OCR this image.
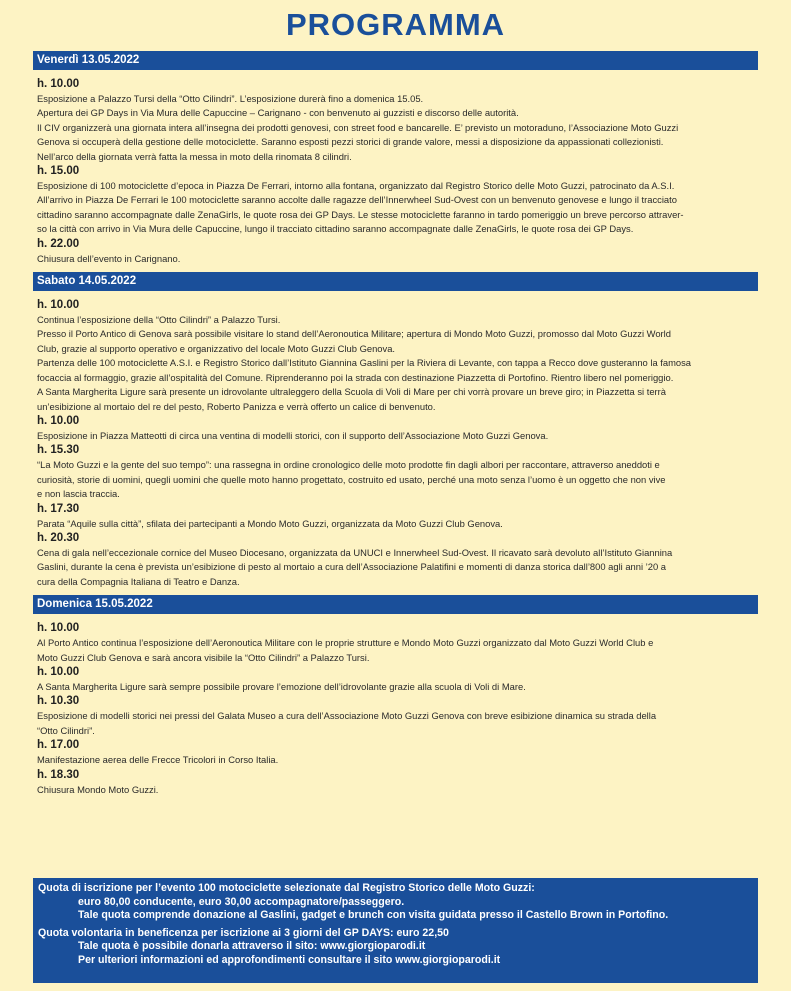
PROGRAMMA
Venerdì 13.05.2022
h. 10.00
Esposizione a Palazzo Tursi della “Otto Cilindri”. L’esposizione durerà fino a domenica 15.05.
Apertura dei GP Days in Via Mura delle Capuccine – Carignano - con benvenuto ai guzzisti e discorso delle autorità.
Il CIV organizzerà una giornata intera all’insegna dei prodotti genovesi, con street food e bancarelle. E’ previsto un motoraduno, l’Associazione Moto Guzzi
Genova si occuperà della gestione delle motociclette. Saranno esposti pezzi storici di grande valore, messi a disposizione da appassionati collezionisti.
Nell’arco della giornata verrà fatta la messa in moto della rinomata 8 cilindri.
h. 15.00
Esposizione di 100 motociclette d’epoca in Piazza De Ferrari, intorno alla fontana, organizzato dal Registro Storico delle Moto Guzzi, patrocinato da A.S.I.
All’arrivo in Piazza De Ferrari le 100 motociclette saranno accolte dalle ragazze dell’Innerwheel Sud-Ovest con un benvenuto genovese e lungo il tracciato
cittadino saranno accompagnate dalle ZenaGirls, le quote rosa dei GP Days. Le stesse motociclette faranno in tardo pomeriggio un breve percorso attraver-
so la città con arrivo in Via Mura delle Capuccine, lungo il tracciato cittadino saranno accompagnate dalle ZenaGirls, le quote rosa dei GP Days.
h. 22.00
Chiusura dell’evento in Carignano.
Sabato 14.05.2022
h. 10.00
Continua l’esposizione della “Otto Cilindri” a Palazzo Tursi.
Presso il Porto Antico di Genova sarà possibile visitare lo stand dell’Aeronoutica Militare; apertura di Mondo Moto Guzzi, promosso dal Moto Guzzi World
Club, grazie al supporto operativo e organizzativo del locale Moto Guzzi Club Genova.
Partenza delle 100 motociclette A.S.I. e Registro Storico dall’Istituto Giannina Gaslini per la Riviera di Levante, con tappa a Recco dove gusteranno la famosa
focaccia al formaggio, grazie all’ospitalità del Comune. Riprenderanno poi la strada con destinazione Piazzetta di Portofino. Rientro libero nel pomeriggio.
A Santa Margherita Ligure sarà presente un idrovolante ultraleggero della Scuola di Voli di Mare per chi vorrà provare un breve giro; in Piazzetta si terrà
un’esibizione al mortaio del re del pesto, Roberto Panizza e verrà offerto un calice di benvenuto.
h. 10.00
Esposizione in Piazza Matteotti di circa una ventina di modelli storici, con il supporto dell’Associazione Moto Guzzi Genova.
h. 15.30
“La Moto Guzzi e la gente del suo tempo”: una rassegna in ordine cronologico delle moto prodotte fin dagli albori per raccontare, attraverso aneddoti e
curiosità, storie di uomini, quegli uomini che quelle moto hanno progettato, costruito ed usato, perché una moto senza l’uomo è un oggetto che non vive
e non lascia traccia.
h. 17.30
Parata “Aquile sulla città”, sfilata dei partecipanti a Mondo Moto Guzzi, organizzata da Moto Guzzi Club Genova.
h. 20.30
Cena di gala nell’eccezionale cornice del Museo Diocesano, organizzata da UNUCI e Innerwheel Sud-Ovest. Il ricavato sarà devoluto all’Istituto Giannina
Gaslini, durante la cena è prevista un’esibizione di pesto al mortaio a cura dell’Associazione Palatifini e momenti di danza storica dall’800 agli anni ’20 a
cura della Compagnia Italiana di Teatro e Danza.
Domenica 15.05.2022
h. 10.00
Al Porto Antico continua l’esposizione dell’Aeronoutica Militare con le proprie strutture e Mondo Moto Guzzi organizzato dal Moto Guzzi World Club e
Moto Guzzi Club Genova e sarà ancora visibile la “Otto Cilindri” a Palazzo Tursi.
h. 10.00
A Santa Margherita Ligure sarà sempre possibile provare l’emozione dell’idrovolante grazie alla scuola di Voli di Mare.
h. 10.30
Esposizione di modelli storici nei pressi del Galata Museo a cura dell’Associazione Moto Guzzi Genova con breve esibizione dinamica su strada della
“Otto Cilindri”.
h. 17.00
Manifestazione aerea delle Frecce Tricolori in Corso Italia.
h. 18.30
Chiusura Mondo Moto Guzzi.
Quota di iscrizione per l’evento 100 motociclette selezionate dal Registro Storico delle Moto Guzzi:
euro 80,00 conducente, euro 30,00 accompagnatore/passeggero.
Tale quota comprende donazione al Gaslini, gadget e brunch con visita guidata presso il Castello Brown in Portofino.
Quota volontaria in beneficenza per iscrizione ai 3 giorni del GP DAYS: euro 22,50
Tale quota è possibile donarla attraverso il sito: www.giorgioparodi.it
Per ulteriori informazioni ed approfondimenti consultare il sito www.giorgioparodi.it
